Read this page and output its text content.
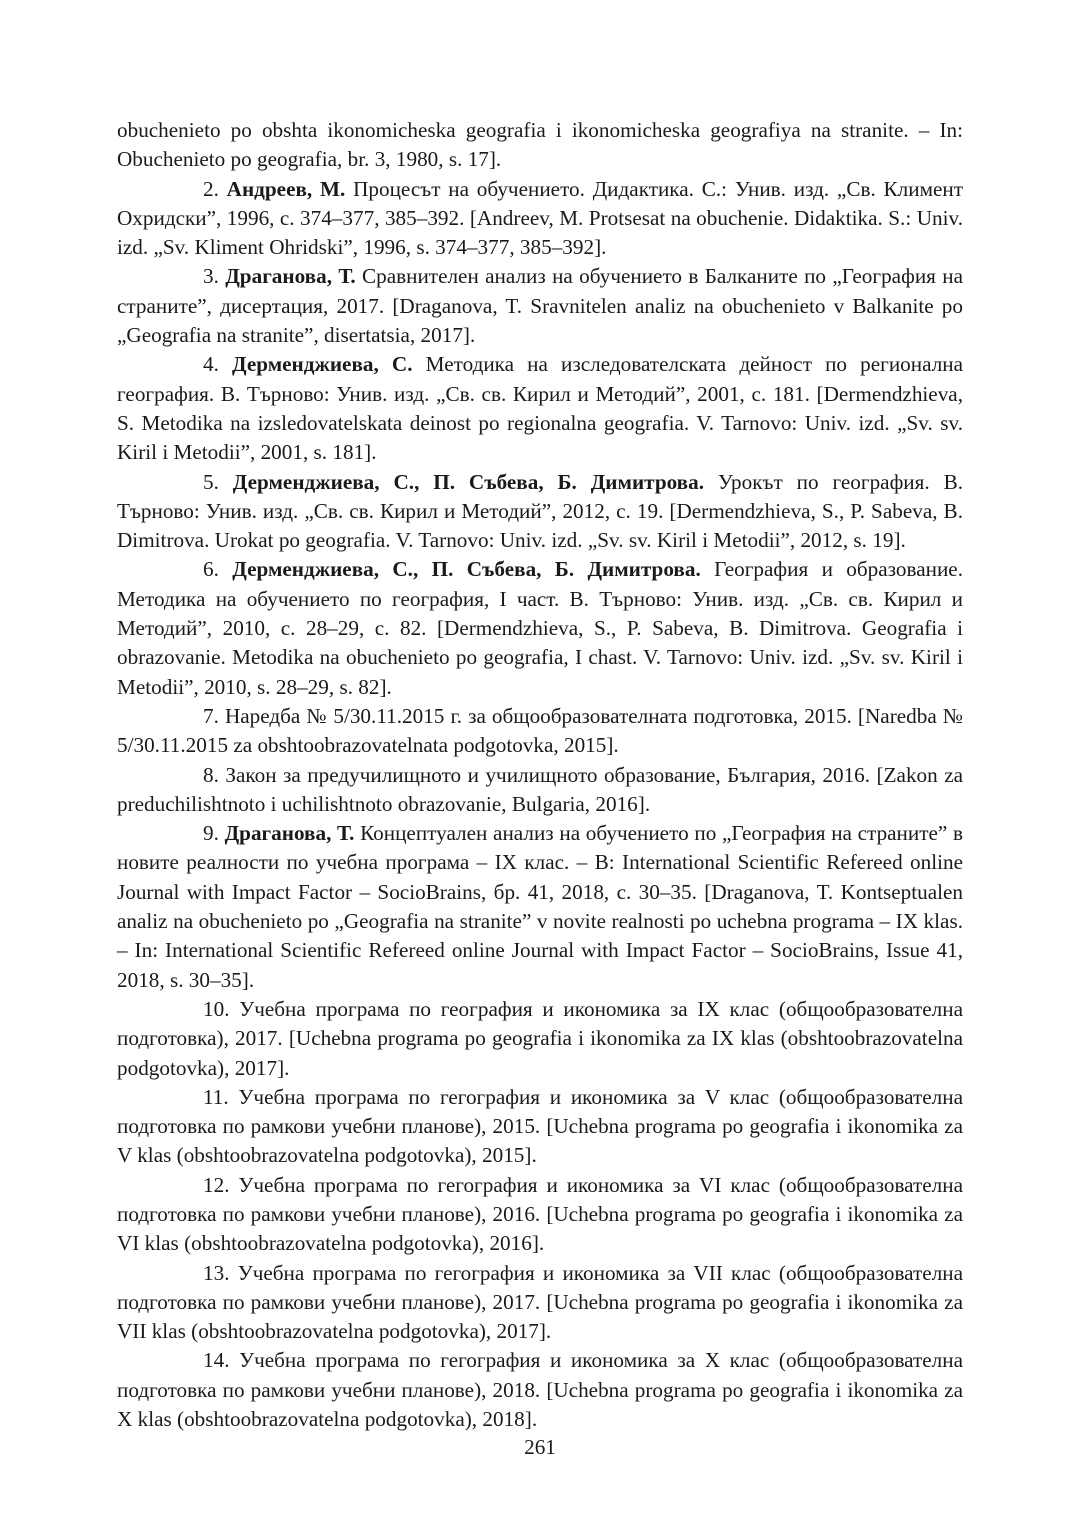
obuchenieto po obshta ikonomicheska geografia i ikonomicheska geografiya na stranite. – In: Obuchenieto po geografia, br. 3, 1980, s. 17].

2. Андреев, М. Процесът на обучението. Дидактика. С.: Унив. изд. „Св. Климент Охридски”, 1996, с. 374–377, 385–392. [Andreev, M. Protsesat na obuchenie. Didaktika. S.: Univ. izd. „Sv. Kliment Ohridski”, 1996, s. 374–377, 385–392].

3. Драганова, Т. Сравнителен анализ на обучението в Балканите по „География на страните”, дисертация, 2017. [Draganova, T. Sravnitelen analiz na obuchenieto v Balkanite po „Geografia na stranite”, disertatsia, 2017].

4. Дерменджиева, С. Методика на изследователската дейност по регионална география. В. Търново: Унив. изд. „Св. св. Кирил и Методий”, 2001, с. 181. [Dermendzhieva, S. Metodika na izsledovatelskata deinost po regionalna geografia. V. Tarnovo: Univ. izd. „Sv. sv. Kiril i Metodii”, 2001, s. 181].

5. Дерменджиева, С., П. Събева, Б. Димитрова. Урокът по география. В. Търново: Унив. изд. „Св. св. Кирил и Методий”, 2012, с. 19. [Dermendzhieva, S., P. Sabeva, B. Dimitrova. Urokat po geografia. V. Tarnovo: Univ. izd. „Sv. sv. Kiril i Metodii”, 2012, s. 19].

6. Дерменджиева, С., П. Събева, Б. Димитрова. География и образование. Методика на обучението по география, I част. В. Търново: Унив. изд. „Св. св. Кирил и Методий”, 2010, с. 28–29, с. 82. [Dermendzhieva, S., P. Sabeva, B. Dimitrova. Geografia i obrazovanie. Metodika na obuchenieto po geografia, I chast. V. Tarnovo: Univ. izd. „Sv. sv. Kiril i Metodii”, 2010, s. 28–29, s. 82].

7. Наредба № 5/30.11.2015 г. за общообразователната подготовка, 2015. [Naredba № 5/30.11.2015 za obshtoobrazovatelnata podgotovka, 2015].

8. Закон за предучилищното и училищното образование, България, 2016. [Zakon za preduchilishtnoto i uchilishtnoto obrazovanie, Bulgaria, 2016].

9. Драганова, Т. Концептуален анализ на обучението по „География на страните” в новите реалности по учебна програма – IX клас. – В: International Scientific Refereed online Journal with Impact Factor – SocioBrains, бр. 41, 2018, с. 30–35. [Draganova, T. Kontseptualen analiz na obuchenieto po „Geografia na stranite” v novite realnosti po uchebna programa – IX klas. – In: International Scientific Refereed online Journal with Impact Factor – SocioBrains, Issue 41, 2018, s. 30–35].

10. Учебна програма по география и икономика за IX клас (общообразователна подготовка), 2017. [Uchebna programa po geografia i ikonomika za IX klas (obshtoobrazovatelna podgotovka), 2017].

11. Учебна програма по гегография и икономика за V клас (общообразователна подготовка по рамкови учебни планове), 2015. [Uchebna programa po geografia i ikonomika za V klas (obshtoobrazovatelna podgotovka), 2015].

12. Учебна програма по гегография и икономика за VI клас (общообразователна подготовка по рамкови учебни планове), 2016. [Uchebna programa po geografia i ikonomika za VI klas (obshtoobrazovatelna podgotovka), 2016].

13. Учебна програма по гегография и икономика за VII клас (общообразователна подготовка по рамкови учебни планове), 2017. [Uchebna programa po geografia i ikonomika za VII klas (obshtoobrazovatelna podgotovka), 2017].

14. Учебна програма по гегография и икономика за X клас (общообразователна подготовка по рамкови учебни планове), 2018. [Uchebna programa po geografia i ikonomika za X klas (obshtoobrazovatelna podgotovka), 2018].

261
